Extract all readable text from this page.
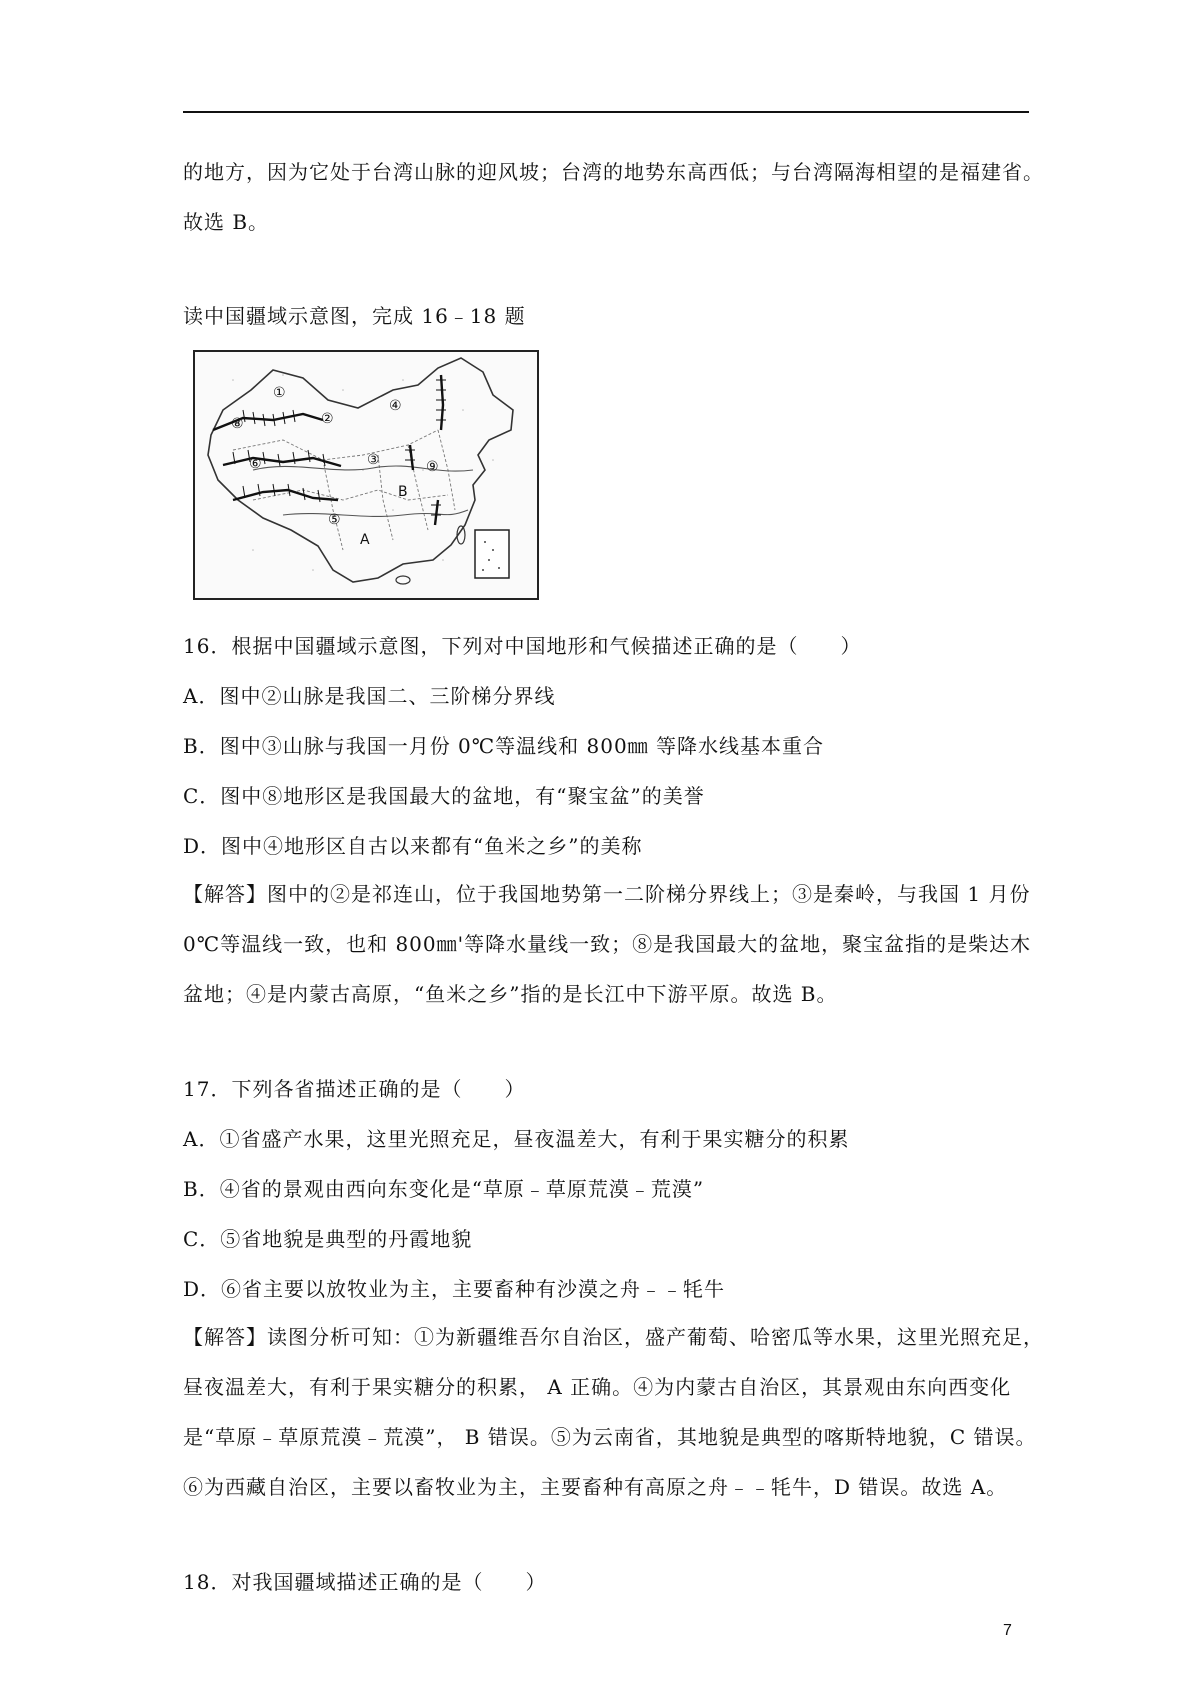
的地方，因为它处于台湾山脉的迎风坡；台湾的地势东高西低；与台湾隔海相望的是福建省。
故选 B。
读中国疆域示意图，完成 16﹣18 题
①
②
③
④
⑤
⑥
⑧
⑨
A
B
16．根据中国疆域示意图，下列对中国地形和气候描述正确的是（　　）
A．图中②山脉是我国二、三阶梯分界线
B．图中③山脉与我国一月份 0℃等温线和 800㎜ 等降水线基本重合
C．图中⑧地形区是我国最大的盆地，有“聚宝盆”的美誉
D．图中④地形区自古以来都有“鱼米之乡”的美称
【解答】图中的②是祁连山，位于我国地势第一二阶梯分界线上；③是秦岭，与我国 1 月份
0℃等温线一致，也和 800㎜'等降水量线一致；⑧是我国最大的盆地，聚宝盆指的是柴达木
盆地；④是内蒙古高原，“鱼米之乡”指的是长江中下游平原。故选 B。
17．下列各省描述正确的是（　　）
A．①省盛产水果，这里光照充足，昼夜温差大，有利于果实糖分的积累
B．④省的景观由西向东变化是“草原﹣草原荒漠﹣荒漠”
C．⑤省地貌是典型的丹霞地貌
D．⑥省主要以放牧业为主，主要畜种有沙漠之舟﹣﹣牦牛
【解答】读图分析可知：①为新疆维吾尔自治区，盛产葡萄、哈密瓜等水果，这里光照充足，
昼夜温差大，有利于果实糖分的积累， A 正确。④为内蒙古自治区，其景观由东向西变化
是“草原﹣草原荒漠﹣荒漠”， B 错误。⑤为云南省，其地貌是典型的喀斯特地貌，C 错误。
⑥为西藏自治区，主要以畜牧业为主，主要畜种有高原之舟﹣﹣牦牛，D 错误。故选 A。
18．对我国疆域描述正确的是（　　）
7
